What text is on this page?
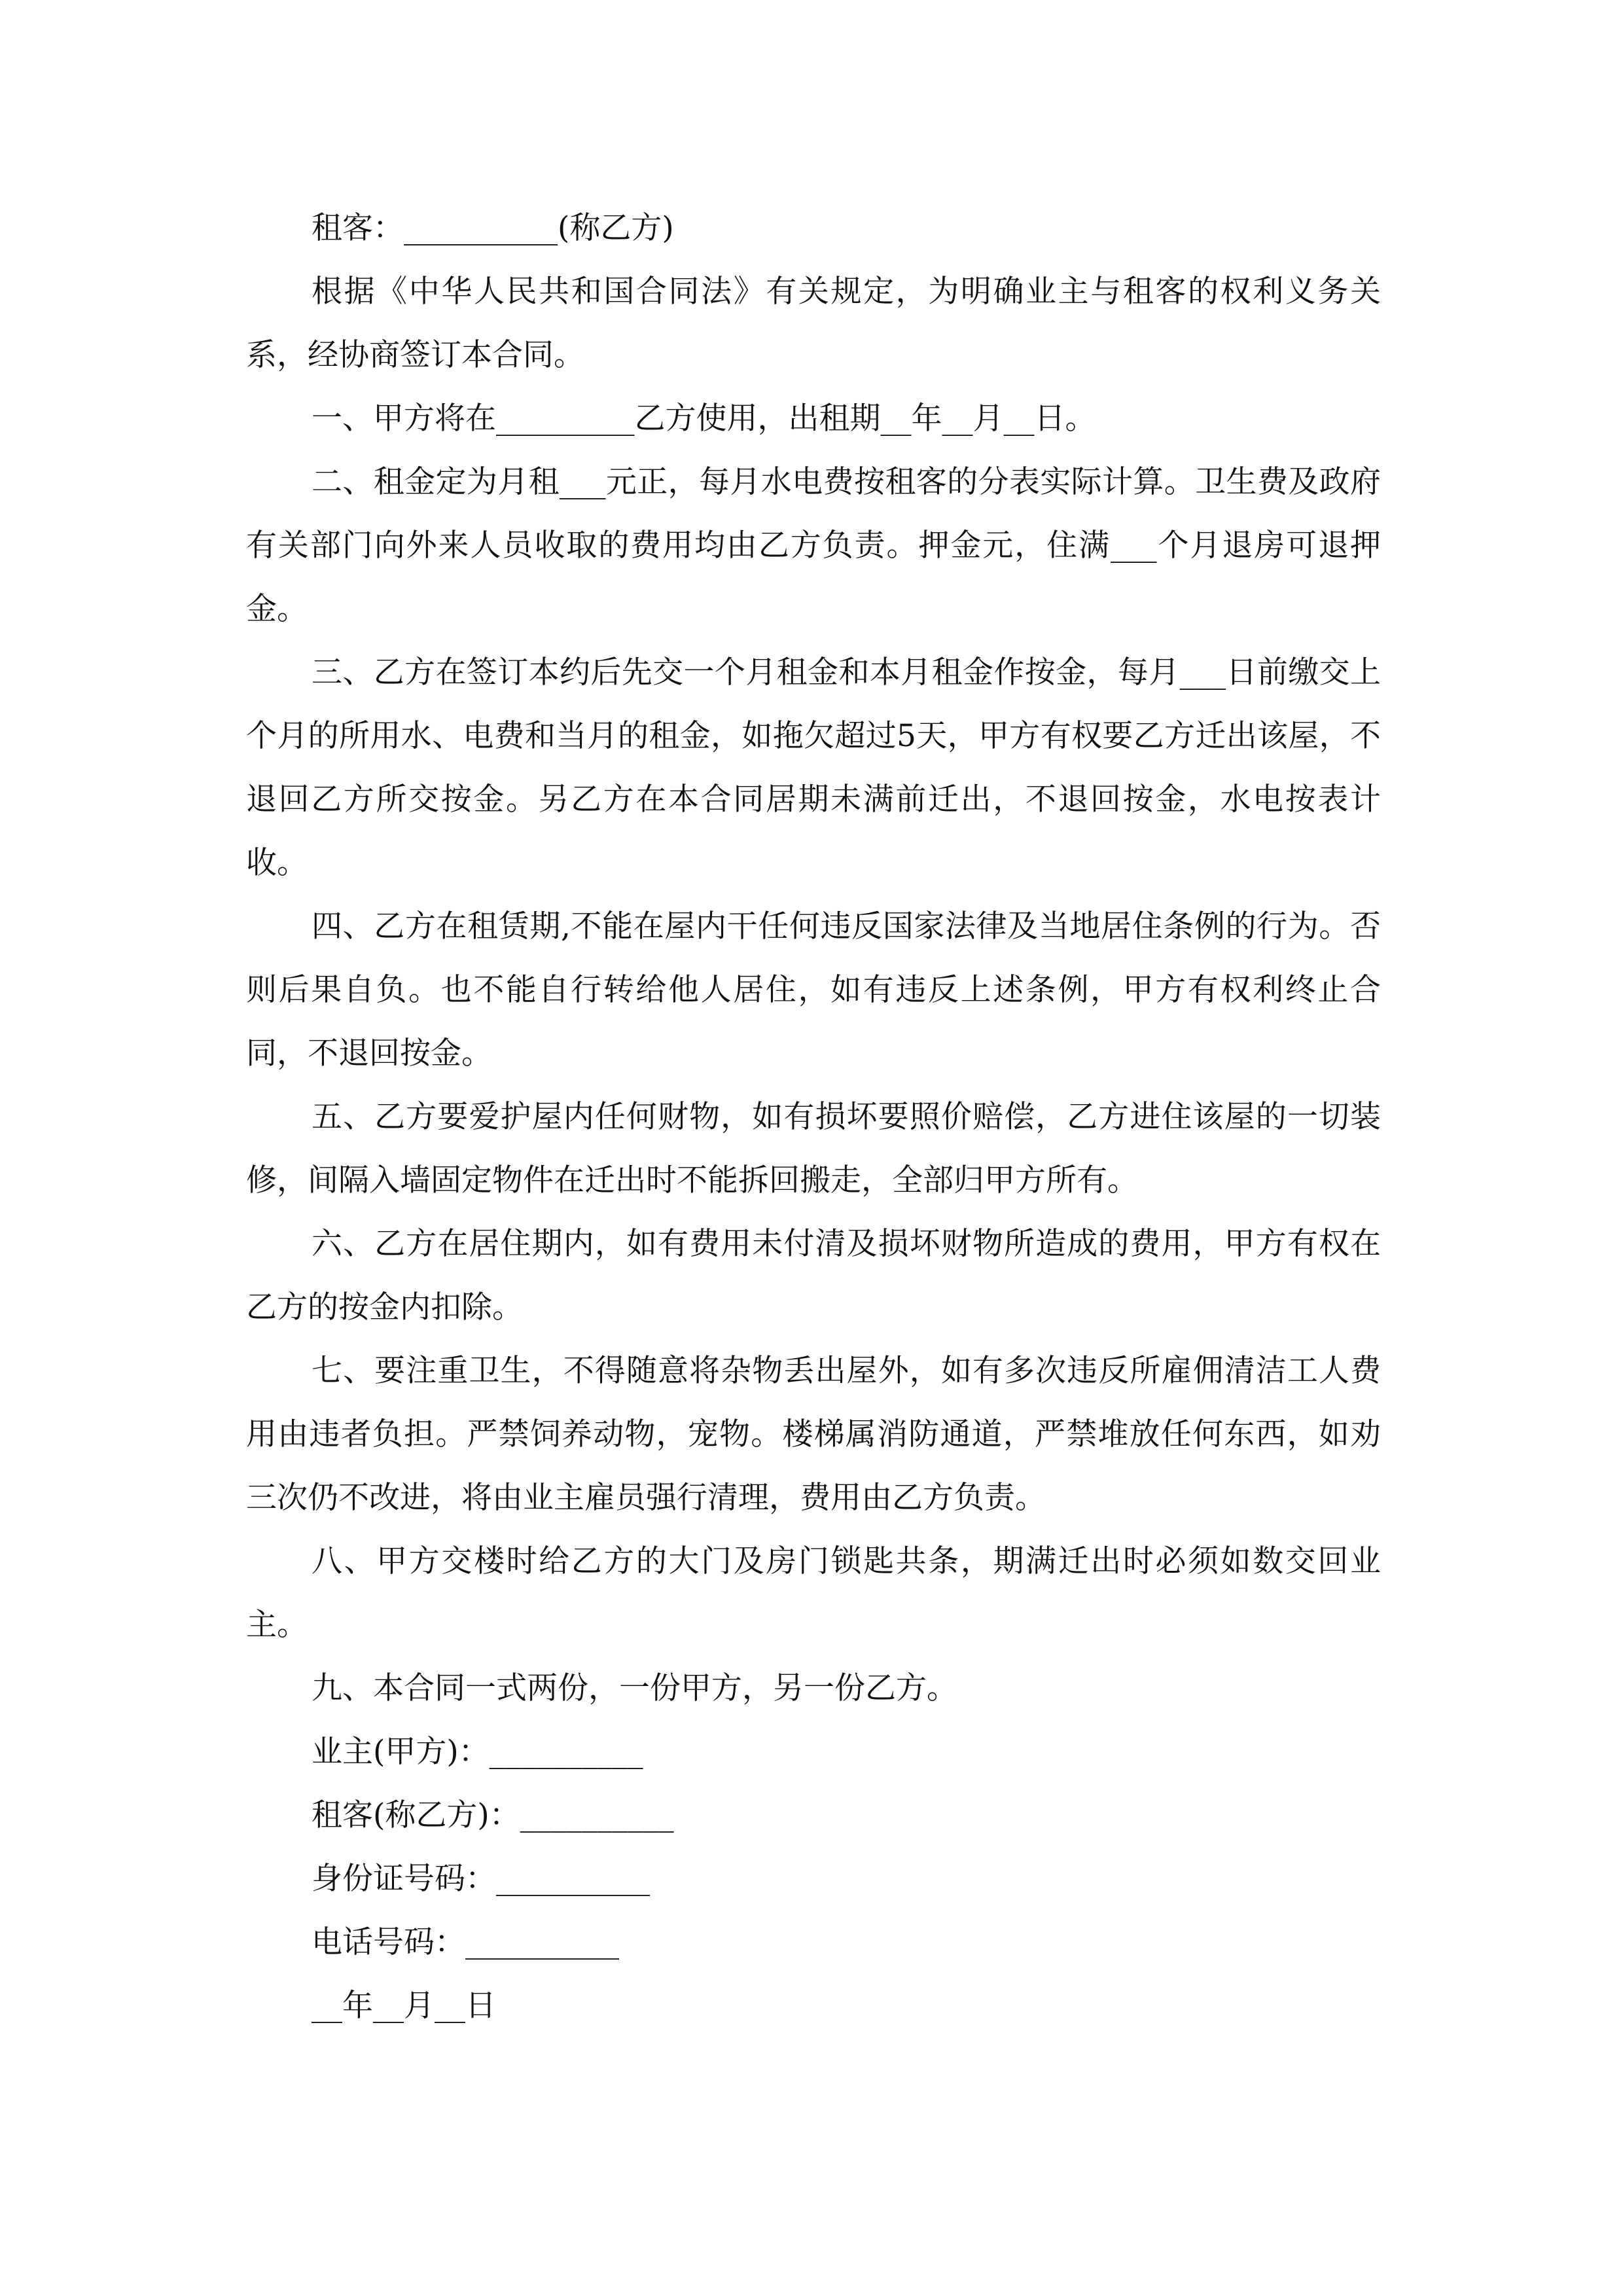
租客：__________(称乙方)

根据《中华人民共和国合同法》有关规定，为明确业主与租客的权利义务关系，经协商签订本合同。

一、甲方将在_________乙方使用，出租期__年__月__日。

二、租金定为月租___元正，每月水电费按租客的分表实际计算。卫生费及政府有关部门向外来人员收取的费用均由乙方负责。押金元，住满___个月退房可退押金。

三、乙方在签订本约后先交一个月租金和本月租金作按金，每月___日前缴交上个月的所用水、电费和当月的租金，如拖欠超过5天，甲方有权要乙方迁出该屋，不退回乙方所交按金。另乙方在本合同居期未满前迁出，不退回按金，水电按表计收。

四、乙方在租赁期,不能在屋内干任何违反国家法律及当地居住条例的行为。否则后果自负。也不能自行转给他人居住，如有违反上述条例，甲方有权利终止合同，不退回按金。

五、乙方要爱护屋内任何财物，如有损坏要照价赔偿，乙方进住该屋的一切装修，间隔入墙固定物件在迁出时不能拆回搬走，全部归甲方所有。

六、乙方在居住期内，如有费用未付清及损坏财物所造成的费用，甲方有权在乙方的按金内扣除。

七、要注重卫生，不得随意将杂物丢出屋外，如有多次违反所雇佣清洁工人费用由违者负担。严禁饲养动物，宠物。楼梯属消防通道，严禁堆放任何东西，如劝三次仍不改进，将由业主雇员强行清理，费用由乙方负责。

八、甲方交楼时给乙方的大门及房门锁匙共条，期满迁出时必须如数交回业主。

九、本合同一式两份，一份甲方，另一份乙方。

业主(甲方)：__________

租客(称乙方)：__________

身份证号码：__________

电话号码：__________

__年__月__日
